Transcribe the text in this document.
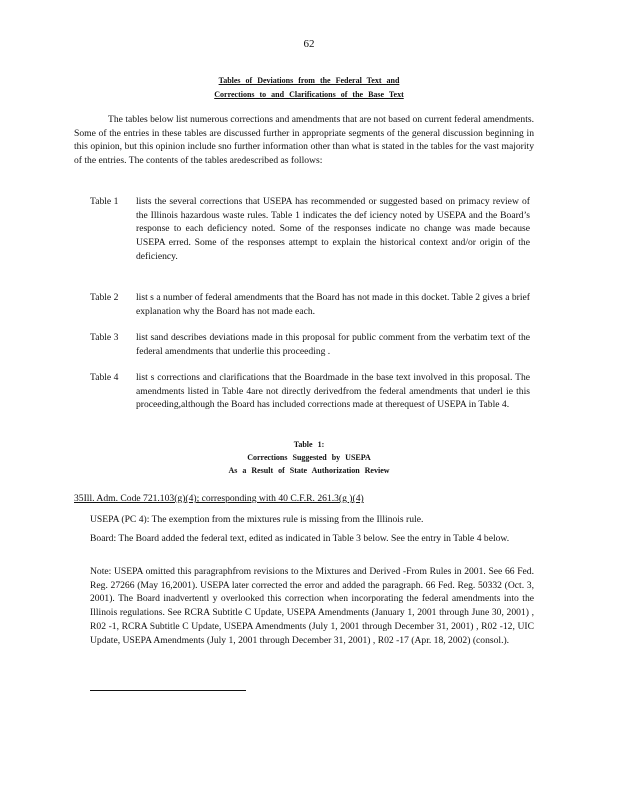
62
Tables of Deviations from the Federal Text and
Corrections to and Clarifications of the Base Text
The tables below list numerous corrections and amendments that are not based on current federal amendments. Some of the entries in these tables are discussed further in appropriate segments of the general discussion beginning in this opinion, but this opinion include sno further information other than what is stated in the tables for the vast majority of the entries. The contents of the tables aredescribed as follows:
Table 1 lists the several corrections that USEPA has recommended or suggested based on primacy review of the Illinois hazardous waste rules. Table 1 indicates the def iciency noted by USEPA and the Board’s response to each deficiency noted. Some of the responses indicate no change was made because USEPA erred. Some of the responses attempt to explain the historical context and/or origin of the deficiency.
Table 2 list s a number of federal amendments that the Board has not made in this docket. Table 2 gives a brief explanation why the Board has not made each.
Table 3 list sand describes deviations made in this proposal for public comment from the verbatim text of the federal amendments that underlie this proceeding .
Table 4 list s corrections and clarifications that the Boardmade in the base text involved in this proposal. The amendments listed in Table 4are not directly derivedfrom the federal amendments that underl ie this proceeding,although the Board has included corrections made at therequest of USEPA in Table 4.
Table 1:
Corrections Suggested by USEPA
As a Result of State Authorization Review
35Ill. Adm. Code 721.103(g)(4); corresponding with 40 C.F.R. 261.3(g )(4)
USEPA (PC 4): The exemption from the mixtures rule is missing from the Illinois rule.
Board: The Board added the federal text, edited as indicated in Table 3 below. See the entry in Table 4 below.
Note: USEPA omitted this paragraphfrom revisions to the Mixtures and Derived -From Rules in 2001. See 66 Fed. Reg. 27266 (May 16,2001). USEPA later corrected the error and added the paragraph. 66 Fed. Reg. 50332 (Oct. 3, 2001). The Board inadvertentl y overlooked this correction when incorporating the federal amendments into the Illinois regulations. See RCRA Subtitle C Update, USEPA Amendments (January 1, 2001 through June 30, 2001) , R02 -1, RCRA Subtitle C Update, USEPA Amendments (July 1, 2001 through December 31, 2001) , R02 -12, UIC Update, USEPA Amendments (July 1, 2001 through December 31, 2001) , R02 -17 (Apr. 18, 2002) (consol.).
